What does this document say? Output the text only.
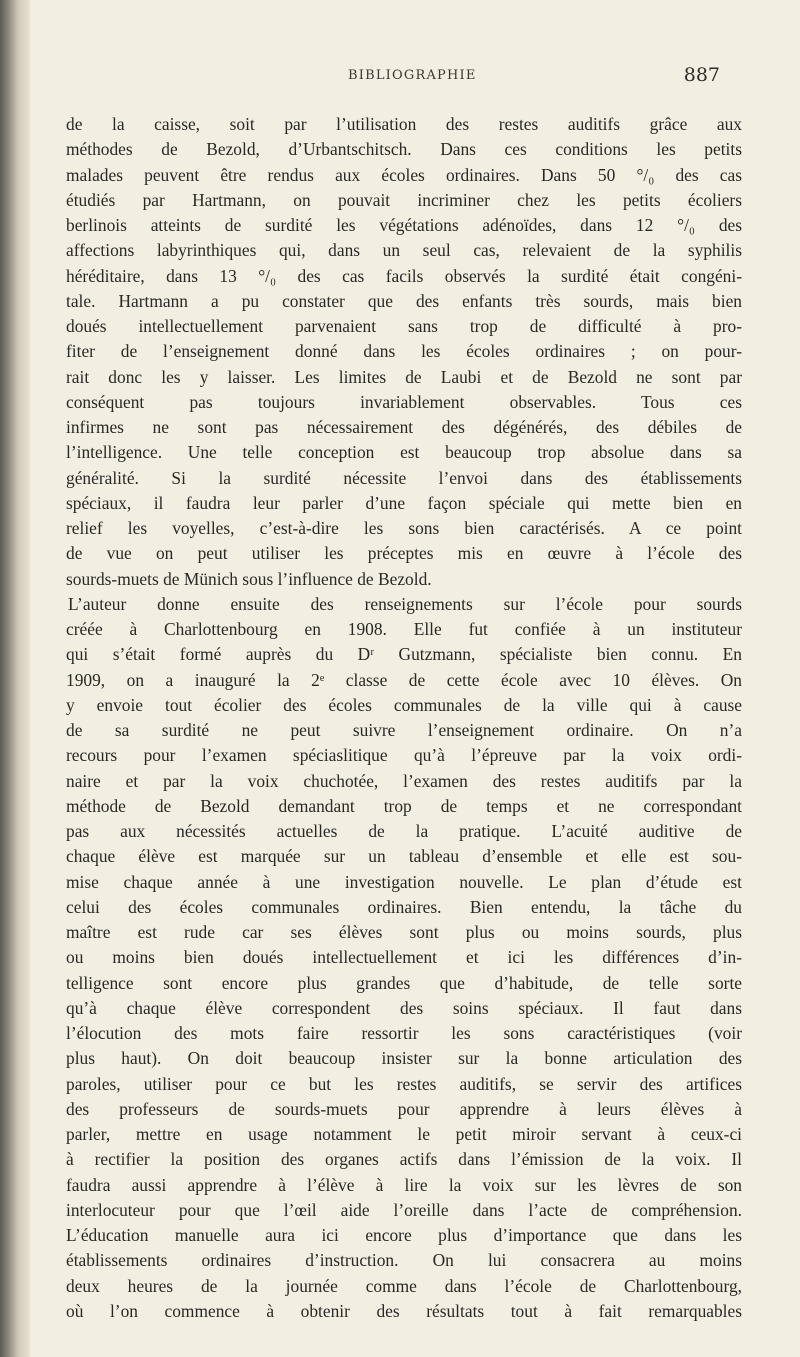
BIBLIOGRAPHIE	887
de la caisse, soit par l’utilisation des restes auditifs grâce aux
méthodes de Bezold, d’Urbantschitsch. Dans ces conditions les petits
malades peuvent être rendus aux écoles ordinaires. Dans 50 °/₀ des cas
étudiés par Hartmann, on pouvait incriminer chez les petits écoliers
berlinois atteints de surdité les végétations adénoïdes, dans 12 °/₀ des
affections labyrinthiques qui, dans un seul cas, relevaient de la syphilis
héréditaire, dans 13 °/₀ des cas facils observés la surdité était congéni-
tale. Hartmann a pu constater que des enfants très sourds, mais bien
doués intellectuellement parvenaient sans trop de difficulté à pro-
fiter de l’enseignement donné dans les écoles ordinaires ; on pour-
rait donc les y laisser. Les limites de Laubi et de Bezold ne sont par
conséquent pas toujours invariablement observables. Tous ces
infirmes ne sont pas nécessairement des dégénérés, des débiles de
l’intelligence. Une telle conception est beaucoup trop absolue dans sa
généralité. Si la surdité nécessite l’envoi dans des établissements
spéciaux, il faudra leur parler d’une façon spéciale qui mette bien en
relief les voyelles, c’est-à-dire les sons bien caractérisés. A ce point
de vue on peut utiliser les préceptes mis en œuvre à l’école des
sourds-muets de Münich sous l’influence de Bezold.
L’auteur donne ensuite des renseignements sur l’école pour sourds
créée à Charlottenbourg en 1908. Elle fut confiée à un instituteur
qui s’était formé auprès du Dʳ Gutzmann, spécialiste bien connu. En
1909, on a inauguré la 2ᵉ classe de cette école avec 10 élèves. On
y envoie tout écolier des écoles communales de la ville qui à cause
de sa surdité ne peut suivre l’enseignement ordinaire. On n’a
recours pour l’examen spéciaslitique qu’à l’épreuve par la voix ordi-
naire et par la voix chuchotée, l’examen des restes auditifs par la
méthode de Bezold demandant trop de temps et ne correspondant
pas aux nécessités actuelles de la pratique. L’acuité auditive de
chaque élève est marquée sur un tableau d’ensemble et elle est sou-
mise chaque année à une investigation nouvelle. Le plan d’étude est
celui des écoles communales ordinaires. Bien entendu, la tâche du
maître est rude car ses élèves sont plus ou moins sourds, plus
ou moins bien doués intellectuellement et ici les différences d’in-
telligence sont encore plus grandes que d’habitude, de telle sorte
qu’à chaque élève correspondent des soins spéciaux. Il faut dans
l’élocution des mots faire ressortir les sons caractéristiques (voir
plus haut). On doit beaucoup insister sur la bonne articulation des
paroles, utiliser pour ce but les restes auditifs, se servir des artifices
des professeurs de sourds-muets pour apprendre à leurs élèves à
parler, mettre en usage notamment le petit miroir servant à ceux-ci
à rectifier la position des organes actifs dans l’émission de la voix. Il
faudra aussi apprendre à l’élève à lire la voix sur les lèvres de son
interlocuteur pour que l’œil aide l’oreille dans l’acte de compréhension.
L’éducation manuelle aura ici encore plus d’importance que dans les
établissements ordinaires d’instruction. On lui consacrera au moins
deux heures de la journée comme dans l’école de Charlottenbourg,
où l’on commence à obtenir des résultats tout à fait remarquables
